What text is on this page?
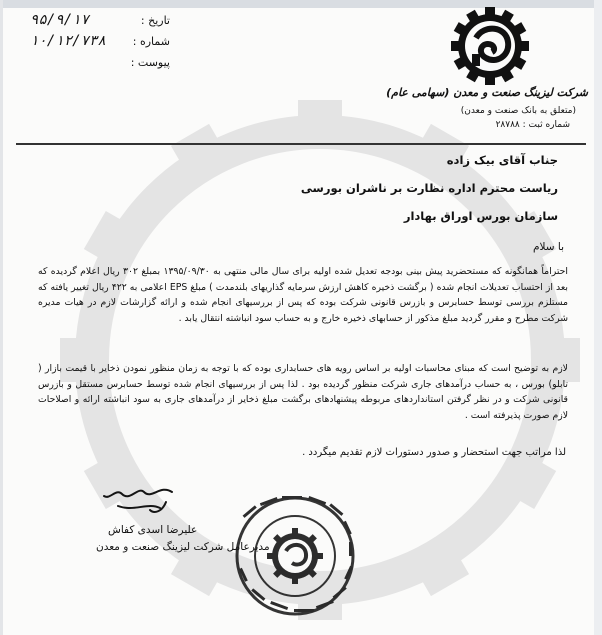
۹۵/۹/۱۷	تاریخ :
۱۰/۱۲/۷۳۸ شماره :
پیوست :
شرکت لیزینگ صنعت و معدن (سهامی عام)
(متعلق به بانک صنعت و معدن)
شماره ثبت : ۲۸۷۸۸
جناب آقای بیک زاده
ریاست محترم اداره نظارت بر ناشران بورسی
سازمان بورس اوراق بهادار
با سلام
احتراماً همانگونه که مستحضرید پیش بینی بودجه تعدیل شده اولیه برای سال مالی منتهی به ۱۳۹۵/۰۹/۳۰ بمبلغ ۳۰۲ ریال اعلام گردیده که بعد از احتساب تعدیلات انجام شده ( برگشت ذخیره کاهش ارزش سرمایه گذاریهای بلندمدت ) مبلغ EPS اعلامی به ۴۲۲ ریال تغییر یافته که مستلزم بررسی توسط حسابرس و بازرس قانونی شرکت بوده که پس از بررسیهای انجام شده و ارائه گزارشات لازم در هیات مدیره شرکت مطرح و مقرر گردید مبلغ مذکور از حسابهای ذخیره خارج و به حساب سود انباشته انتقال یابد .
لازم به توضیح است که مبنای محاسبات اولیه بر اساس رویه های حسابداری بوده که با توجه به زمان منظور نمودن ذخایر با قیمت بازار ( تابلو) بورس ، به حساب درآمدهای جاری شرکت منظور گردیده بود . لذا پس از بررسیهای انجام شده توسط حسابرس مستقل و بازرس قانونی شرکت و در نظر گرفتن استانداردهای مربوطه پیشنهادهای برگشت مبلغ ذخایر از درآمدهای جاری به سود انباشته ارائه و اصلاحات لازم صورت پذیرفته است .
لذا مراتب جهت استحضار و صدور دستورات لازم تقدیم میگردد .
علیرضا اسدی کفاش
مدیرعامل شرکت لیزینگ صنعت و معدن
